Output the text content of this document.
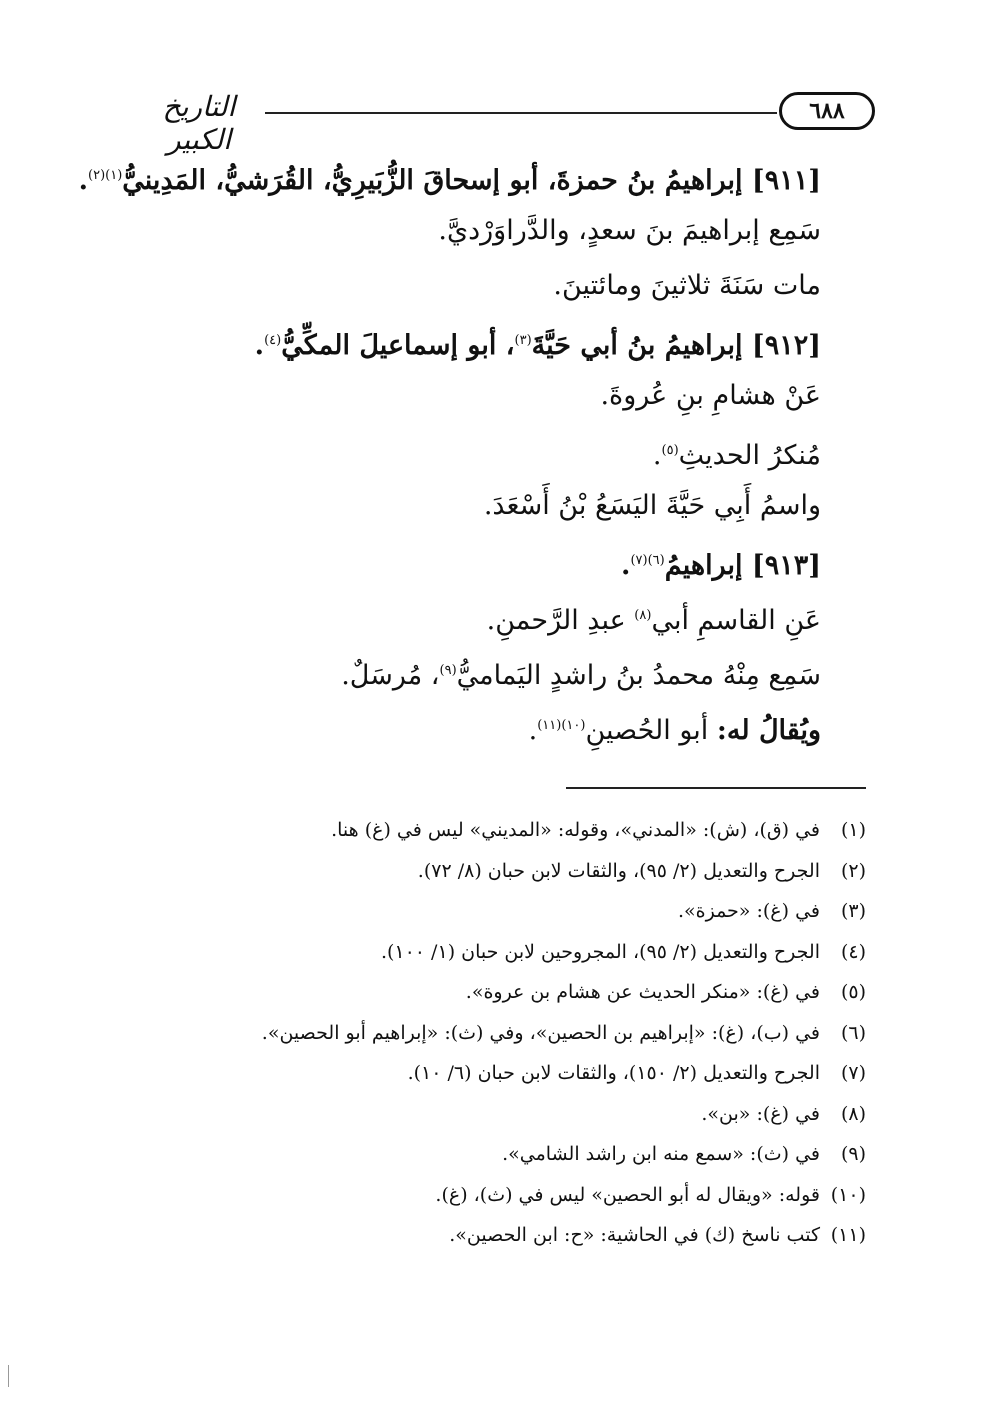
التاريخ الكبير
٦٨٨
[٩١١] إبراهيمُ بنُ حمزةَ، أبو إسحاقَ الزُّبَيرِيُّ، القُرَشيُّ، المَدِينيُّ$^{(١)(٢)}$.
سَمِع إبراهيمَ بنَ سعدٍ، والدَّراوَرْديَّ.
مات سَنَةَ ثلاثينَ ومائتينَ.
[٩١٢] إبراهيمُ بنُ أبي حَيَّةَ$^{(٣)}$، أبو إسماعيلَ المكِّيُّ$^{(٤)}$.
عَنْ هشامِ بنِ عُروةَ.
مُنكرُ الحديثِ$^{(٥)}$.
واسمُ أَبِي حَيَّةَ اليَسَعُ بْنُ أَسْعَدَ.
[٩١٣] إبراهيمُ$^{(٦)(٧)}$.
عَنِ القاسمِ أبي$^{(٨)}$ عبدِ الرَّحمنِ.
سَمِع مِنْهُ محمدُ بنُ راشدٍ اليَماميُّ$^{(٩)}$، مُرسَلٌ.
ويُقالُ له: أبو الحُصينِ$^{(١٠)(١١)}$.
(١)في (ق)، (ش): «المدني»، وقوله: «المديني» ليس في (غ) هنا.
(٢)الجرح والتعديل (٢/ ٩٥)، والثقات لابن حبان (٨/ ٧٢).
(٣)في (غ): «حمزة».
(٤)الجرح والتعديل (٢/ ٩٥)، المجروحين لابن حبان (١/ ١٠٠).
(٥)في (غ): «منكر الحديث عن هشام بن عروة».
(٦)في (ب)، (غ): «إبراهيم بن الحصين»، وفي (ث): «إبراهيم أبو الحصين».
(٧)الجرح والتعديل (٢/ ١٥٠)، والثقات لابن حبان (٦/ ١٠).
(٨)في (غ): «بن».
(٩)في (ث): «سمع منه ابن راشد الشامي».
(١٠)قوله: «ويقال له أبو الحصين» ليس في (ث)، (غ).
(١١)كتب ناسخ (ك) في الحاشية: «ح: ابن الحصين».
